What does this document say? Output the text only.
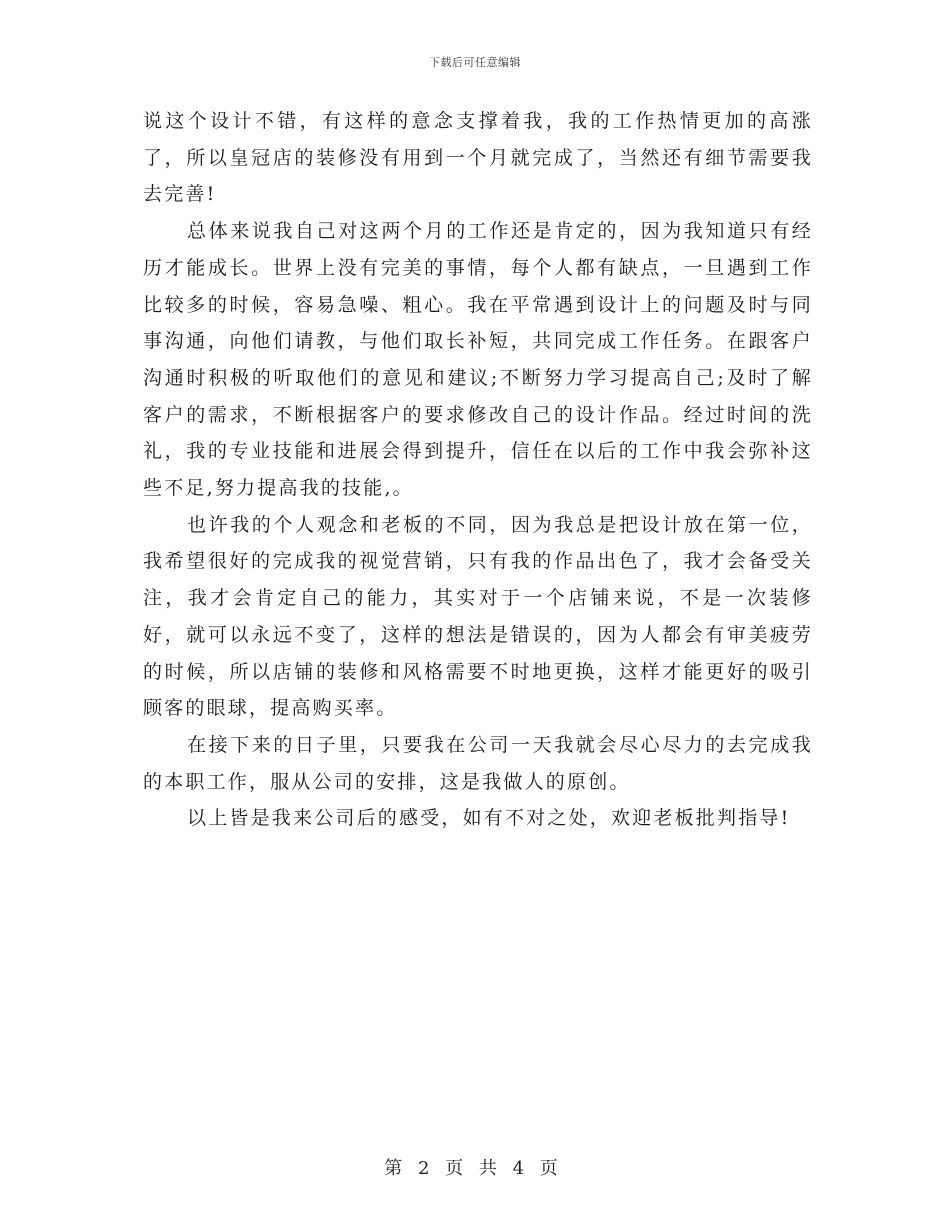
下载后可任意编辑

说这个设计不错，有这样的意念支撑着我，我的工作热情更加的高涨了，所以皇冠店的装修没有用到一个月就完成了，当然还有细节需要我去完善!

总体来说我自己对这两个月的工作还是肯定的，因为我知道只有经历才能成长。世界上没有完美的事情，每个人都有缺点，一旦遇到工作比较多的时候，容易急噪、粗心。我在平常遇到设计上的问题及时与同事沟通，向他们请教，与他们取长补短，共同完成工作任务。在跟客户沟通时积极的听取他们的意见和建议;不断努力学习提高自己;及时了解客户的需求，不断根据客户的要求修改自己的设计作品。经过时间的洗礼，我的专业技能和进展会得到提升，信任在以后的工作中我会弥补这些不足,努力提高我的技能,。

也许我的个人观念和老板的不同，因为我总是把设计放在第一位，我希望很好的完成我的视觉营销，只有我的作品出色了，我才会备受关注，我才会肯定自己的能力，其实对于一个店铺来说，不是一次装修好，就可以永远不变了，这样的想法是错误的，因为人都会有审美疲劳的时候，所以店铺的装修和风格需要不时地更换，这样才能更好的吸引顾客的眼球，提高购买率。

在接下来的日子里，只要我在公司一天我就会尽心尽力的去完成我的本职工作，服从公司的安排，这是我做人的原创。

以上皆是我来公司后的感受，如有不对之处，欢迎老板批判指导!

第 2 页 共 4 页
